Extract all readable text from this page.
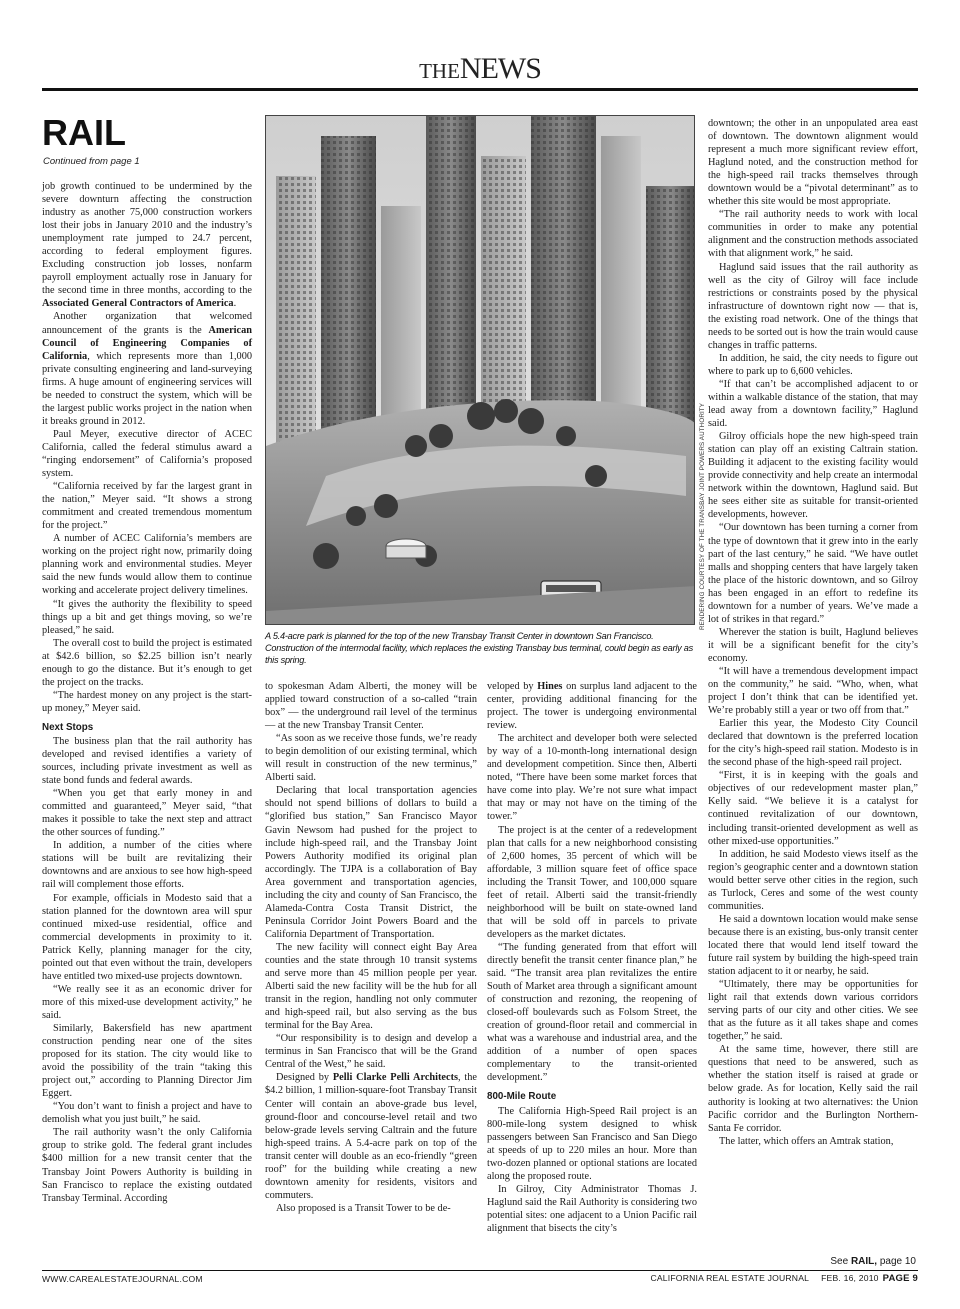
THENEWS
RAIL
Continued from page 1

job growth continued to be undermined by the severe downturn affecting the construction industry as another 75,000 construction workers lost their jobs in January 2010 and the industry’s unemployment rate jumped to 24.7 percent, according to federal employment figures. Excluding construction job losses, nonfarm payroll employment actually rose in January for the second time in three months, according to the Associated General Contractors of America.

Another organization that welcomed announcement of the grants is the American Council of Engineering Companies of California, which represents more than 1,000 private consulting engineering and land-surveying firms. A huge amount of engineering services will be needed to construct the system, which will be the largest public works project in the nation when it breaks ground in 2012.

Paul Meyer, executive director of ACEC California, called the federal stimulus award a “ringing endorsement” of California’s proposed system.

“California received by far the largest grant in the nation,” Meyer said. “It shows a strong commitment and created tremendous momentum for the project.”

A number of ACEC California’s members are working on the project right now, primarily doing planning work and environmental studies. Meyer said the new funds would allow them to continue working and accelerate project delivery timelines.

“It gives the authority the flexibility to speed things up a bit and get things moving, so we’re pleased,” he said.

The overall cost to build the project is estimated at $42.6 billion, so $2.25 billion isn’t nearly enough to go the distance. But it’s enough to get the project on the tracks.

“The hardest money on any project is the start-up money,” Meyer said.

Next Stops

The business plan that the rail authority has developed and revised identifies a variety of sources, including private investment as well as state bond funds and federal awards.

“When you get that early money in and committed and guaranteed,” Meyer said, “that makes it possible to take the next step and attract the other sources of funding.”

In addition, a number of the cities where stations will be built are revitalizing their downtowns and are anxious to see how high-speed rail will complement those efforts.

For example, officials in Modesto said that a station planned for the downtown area will spur continued mixed-use residential, office and commercial developments in proximity to it. Patrick Kelly, planning manager for the city, pointed out that even without the train, developers have entitled two mixed-use projects downtown.

“We really see it as an economic driver for more of this mixed-use development activity,” he said.

Similarly, Bakersfield has new apartment construction pending near one of the sites proposed for its station. The city would like to avoid the possibility of the train “taking this project out,” according to Planning Director Jim Eggert.

“You don’t want to finish a project and have to demolish what you just built,” he said.

The rail authority wasn’t the only California group to strike gold. The federal grant includes $400 million for a new transit center that the Transbay Joint Powers Authority is building in San Francisco to replace the existing outdated Transbay Terminal. According

RENDERING COURTESY OF THE TRANSBAY JOINT POWERS AUTHORITY
A 5.4-acre park is planned for the top of the new Transbay Transit Center in downtown San Francisco. Construction of the intermodal facility, which replaces the existing Transbay bus terminal, could begin as early as this spring.

to spokesman Adam Alberti, the money will be applied toward construction of a so-called “train box” — the underground rail level of the terminus — at the new Transbay Transit Center.

“As soon as we receive those funds, we’re ready to begin demolition of our existing terminal, which will result in construction of the new terminus,” Alberti said.

Declaring that local transportation agencies should not spend billions of dollars to build a “glorified bus station,” San Francisco Mayor Gavin Newsom had pushed for the project to include high-speed rail, and the Transbay Joint Powers Authority modified its original plan accordingly. The TJPA is a collaboration of Bay Area government and transportation agencies, including the city and county of San Francisco, the Alameda-Contra Costa Transit District, the Peninsula Corridor Joint Powers Board and the California Department of Transportation.

The new facility will connect eight Bay Area counties and the state through 10 transit systems and serve more than 45 million people per year. Alberti said the new facility will be the hub for all transit in the region, handling not only commuter and high-speed rail, but also serving as the bus terminal for the Bay Area.

“Our responsibility is to design and develop a terminus in San Francisco that will be the Grand Central of the West,” he said.

Designed by Pelli Clarke Pelli Architects, the $4.2 billion, 1 million-square-foot Transbay Transit Center will contain an above-grade bus level, ground-floor and concourse-level retail and two below-grade levels serving Caltrain and the future high-speed trains. A 5.4-acre park on top of the transit center will double as an eco-friendly “green roof” for the building while creating a new downtown amenity for residents, visitors and commuters.

Also proposed is a Transit Tower to be de-

veloped by Hines on surplus land adjacent to the center, providing additional financing for the project. The tower is undergoing environmental review.

The architect and developer both were selected by way of a 10-month-long international design and development competition. Since then, Alberti noted, “There have been some market forces that have come into play. We’re not sure what impact that may or may not have on the timing of the tower.”

The project is at the center of a redevelopment plan that calls for a new neighborhood consisting of 2,600 homes, 35 percent of which will be affordable, 3 million square feet of office space including the Transit Tower, and 100,000 square feet of retail. Alberti said the transit-friendly neighborhood will be built on state-owned land that will be sold off in parcels to private developers as the market dictates.

“The funding generated from that effort will directly benefit the transit center finance plan,” he said. “The transit area plan revitalizes the entire South of Market area through a significant amount of construction and rezoning, the reopening of closed-off boulevards such as Folsom Street, the creation of ground-floor retail and commercial in what was a warehouse and industrial area, and the addition of a number of open spaces complementary to the transit-oriented development.”

800-Mile Route

The California High-Speed Rail project is an 800-mile-long system designed to whisk passengers between San Francisco and San Diego at speeds of up to 220 miles an hour. More than two-dozen planned or optional stations are located along the proposed route.

In Gilroy, City Administrator Thomas J. Haglund said the Rail Authority is considering two potential sites: one adjacent to a Union Pacific rail alignment that bisects the city’s

downtown; the other in an unpopulated area east of downtown. The downtown alignment would represent a much more significant review effort, Haglund noted, and the construction method for the high-speed rail tracks themselves through downtown would be a “pivotal determinant” as to whether this site would be most appropriate.

“The rail authority needs to work with local communities in order to make any potential alignment and the construction methods associated with that alignment work,” he said.

Haglund said issues that the rail authority as well as the city of Gilroy will face include restrictions or constraints posed by the physical infrastructure of downtown right now — that is, the existing road network. One of the things that needs to be sorted out is how the train would cause changes in traffic patterns.

In addition, he said, the city needs to figure out where to park up to 6,600 vehicles.

“If that can’t be accomplished adjacent to or within a walkable distance of the station, that may lead away from a downtown facility,” Haglund said.

Gilroy officials hope the new high-speed train station can play off an existing Caltrain station. Building it adjacent to the existing facility would provide connectivity and help create an intermodal network within the downtown, Haglund said. But he sees either site as suitable for transit-oriented developments, however.

“Our downtown has been turning a corner from the type of downtown that it grew into in the early part of the last century,” he said. “We have outlet malls and shopping centers that have largely taken the place of the historic downtown, and so Gilroy has been engaged in an effort to redefine its downtown for a number of years. We’ve made a lot of strikes in that regard.”

Wherever the station is built, Haglund believes it will be a significant benefit for the city’s economy.

“It will have a tremendous development impact on the community,” he said. “Who, when, what project I don’t think that can be identified yet. We’re probably still a year or two off from that.”

Earlier this year, the Modesto City Council declared that downtown is the preferred location for the city’s high-speed rail station. Modesto is in the second phase of the high-speed rail project.

“First, it is in keeping with the goals and objectives of our redevelopment master plan,” Kelly said. “We believe it is a catalyst for continued revitalization of our downtown, including transit-oriented development as well as other mixed-use opportunities.”

In addition, he said Modesto views itself as the region’s geographic center and a downtown station would better serve other cities in the region, such as Turlock, Ceres and some of the west county communities.

He said a downtown location would make sense because there is an existing, bus-only transit center located there that would lend itself toward the future rail system by building the high-speed train station adjacent to it or nearby, he said.

“Ultimately, there may be opportunities for light rail that extends down various corridors serving parts of our city and other cities. We see that as the future as it all takes shape and comes together,” he said.

At the same time, however, there still are questions that need to be answered, such as whether the station itself is raised at grade or below grade. As for location, Kelly said the rail authority is looking at two alternatives: the Union Pacific corridor and the Burlington Northern-Santa Fe corridor.

The latter, which offers an Amtrak station,

See RAIL, page 10
WWW.CAREALESTATEJOURNAL.COM	CALIFORNIA REAL ESTATE JOURNAL FEB. 16, 2010 PAGE 9
